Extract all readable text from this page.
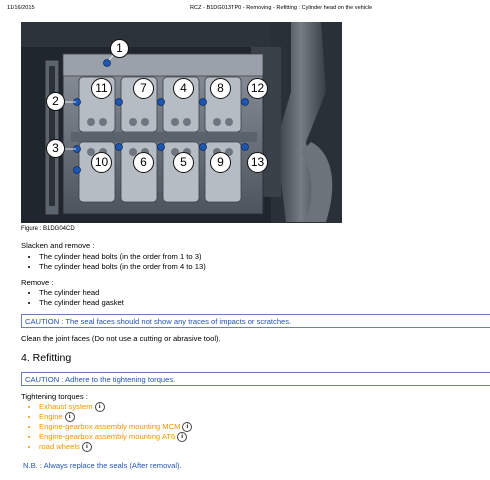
11/16/2015	RCZ - B1DG013TP0 - Removing - Refitting : Cylinder head on the vehicle
1
2
3
11	7	4	8	12
10	6	5	9	13
Figure : B1DG04CD
Slacken and remove :
• The cylinder head bolts (in the order from 1 to 3)
• The cylinder head bolts (in the order from 4 to 13)
Remove :
• The cylinder head
• The cylinder head gasket
CAUTION : The seal faces should not show any traces of impacts or scratches.
Clean the joint faces (Do not use a cutting or abrasive tool).
4. Refitting
CAUTION : Adhere to the tightening torques.
Tightening torques :
• Exhaust system i
• Engine i
• Engine-gearbox assembly mounting MCM i
• Engine-gearbox assembly mounting AT6 i
• road wheels i
N.B. : Always replace the seals (After removal).
